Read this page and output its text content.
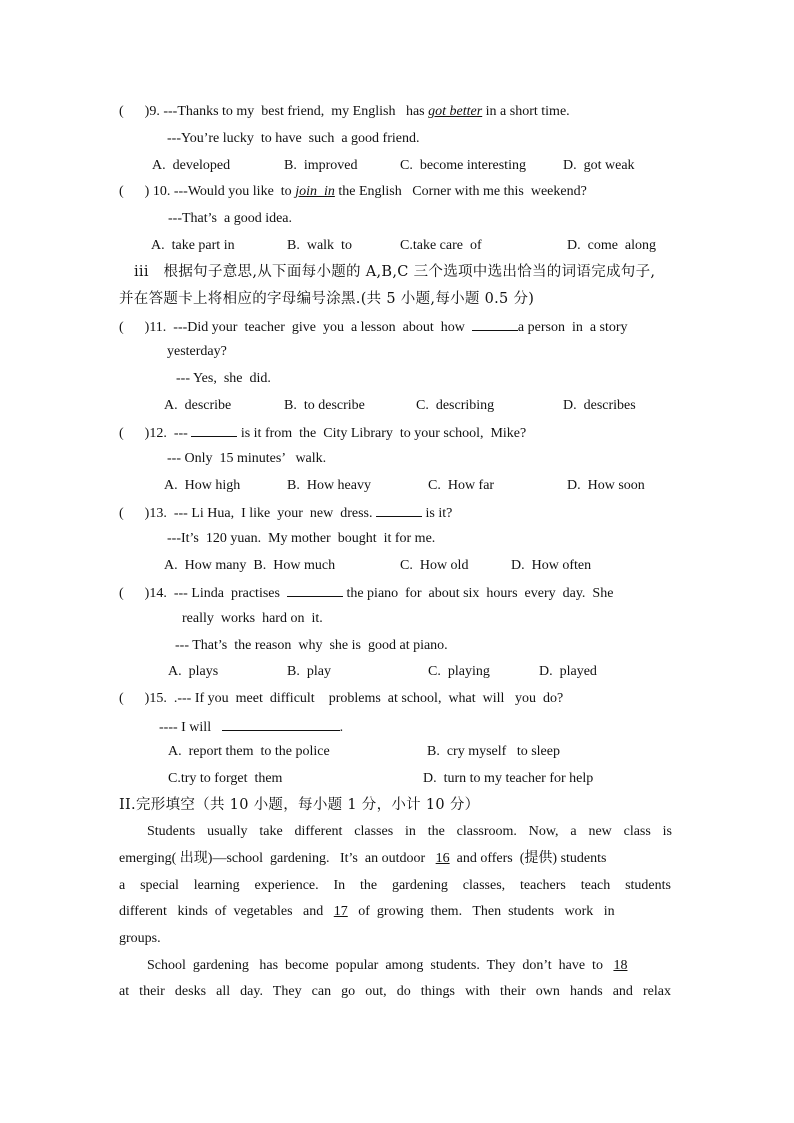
(      )9. ---Thanks to my  best friend,  my English   has got better in a short time.
---You’re lucky  to have  such  a good friend.
A.  developed	B.  improved	C.  become interesting	D.  got weak
(      ) 10. ---Would you like  to join  in the English   Corner with me this  weekend?
---That’s  a good idea.
A.  take part in	B.  walk  to	C.take care  of	D.  come  along
iii   根据句子意思,从下面每小题的 A,B,C 三个选项中选出恰当的词语完成句子,
并在答题卡上将相应的字母编号涂黑.(共 5 小题,每小题 0.5 分)
(      )11.  ---Did your  teacher  give  you  a lesson  about  how	a person  in  a story
yesterday?
--- Yes,  she  did.
A.  describe	B.  to describe	C.  describing	D.  describes
(      )12.  ---	is it from  the  City Library  to your school,  Mike?
--- Only  15 minutes’   walk.
A.  How high	B.  How heavy	C.  How far	D.  How soon
(      )13.  --- Li Hua,  I like  your  new  dress.	is it?
---It’s  120 yuan.  My mother  bought  it for me.
A.  How many  B.  How much	C.  How old	D.  How often
(      )14.  --- Linda  practises	the piano  for  about six  hours  every  day.  She
really  works  hard on  it.
--- That’s  the reason  why  she is  good at piano.
A.  plays	B.  play	C.  playing	D.  played
(      )15.  .--- If you  meet  difficult    problems  at school,  what  will   you  do?
---- I will	.
A.  report them  to the police	B.  cry myself   to sleep
C.try to forget  them	D.  turn to my teacher for help
II.完形填空（共 10 小题，每小题 1 分，小计 10 分）
Students usually take different classes in the classroom. Now, a new class is
emerging( 出现)—school  gardening.   It’s  an outdoor   16  and offers  (提供) students
a special learning experience. In the gardening classes, teachers teach students
different   kinds  of  vegetables   and   17   of  growing  them.   Then  students   work   in
groups.
School  gardening   has  become  popular  among  students.  They  don’t  have  to   18
at their desks all day. They can go out, do things with their own hands and relax
